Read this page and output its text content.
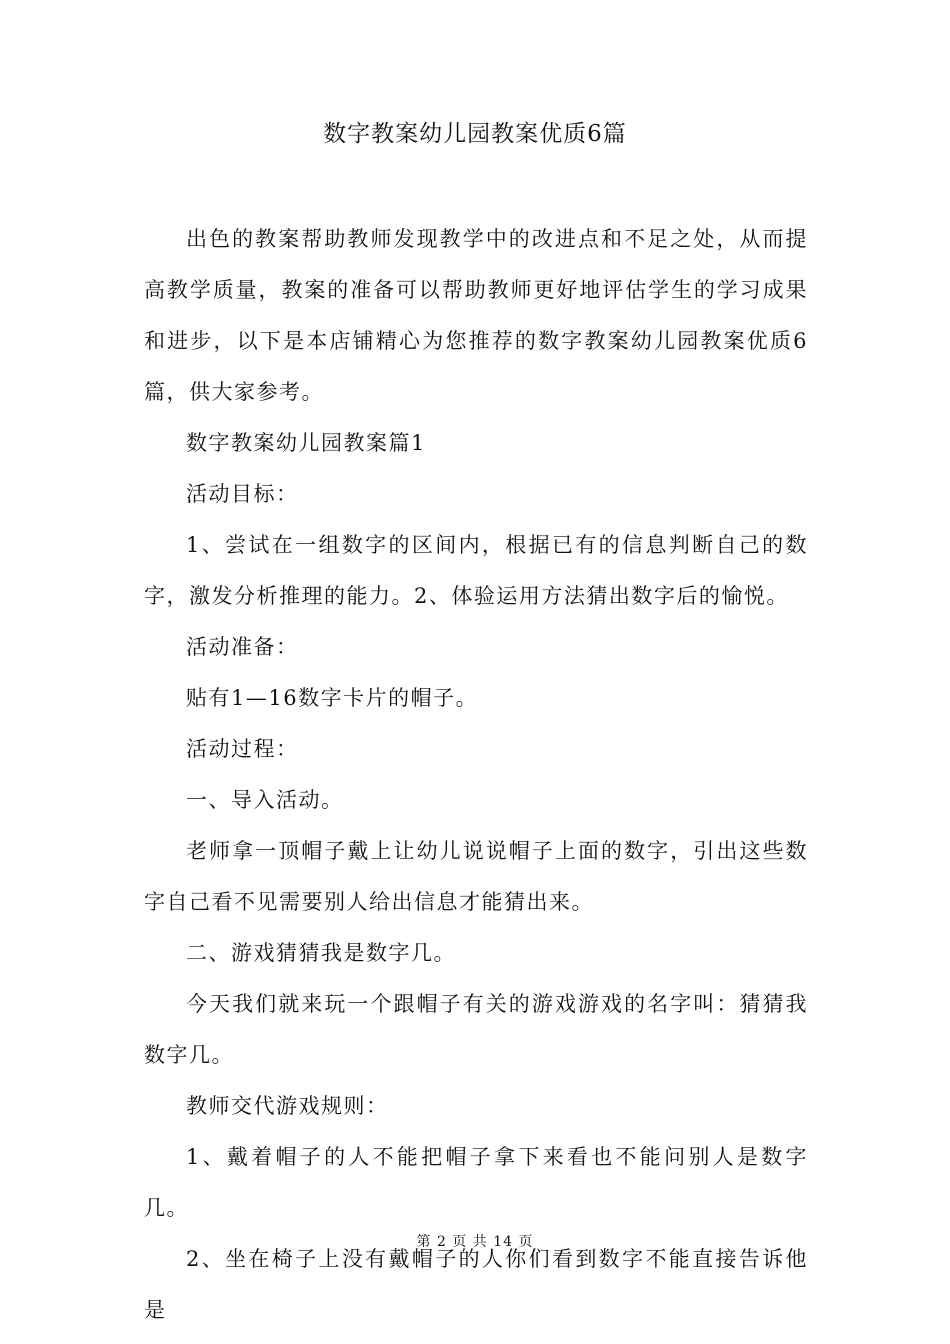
数字教案幼儿园教案优质6篇

出色的教案帮助教师发现教学中的改进点和不足之处，从而提高教学质量，教案的准备可以帮助教师更好地评估学生的学习成果和进步，以下是本店铺精心为您推荐的数字教案幼儿园教案优质6篇，供大家参考。

数字教案幼儿园教案篇1

活动目标：

1、尝试在一组数字的区间内，根据已有的信息判断自己的数字，激发分析推理的能力。2、体验运用方法猜出数字后的愉悦。

活动准备：

贴有1—16数字卡片的帽子。

活动过程：

一、导入活动。

老师拿一顶帽子戴上让幼儿说说帽子上面的数字，引出这些数字自己看不见需要别人给出信息才能猜出来。

二、游戏猜猜我是数字几。

今天我们就来玩一个跟帽子有关的游戏游戏的名字叫：猜猜我数字几。

教师交代游戏规则：

1、戴着帽子的人不能把帽子拿下来看也不能问别人是数字几。

2、坐在椅子上没有戴帽子的人你们看到数字不能直接告诉他是

第 2 页 共 14 页
